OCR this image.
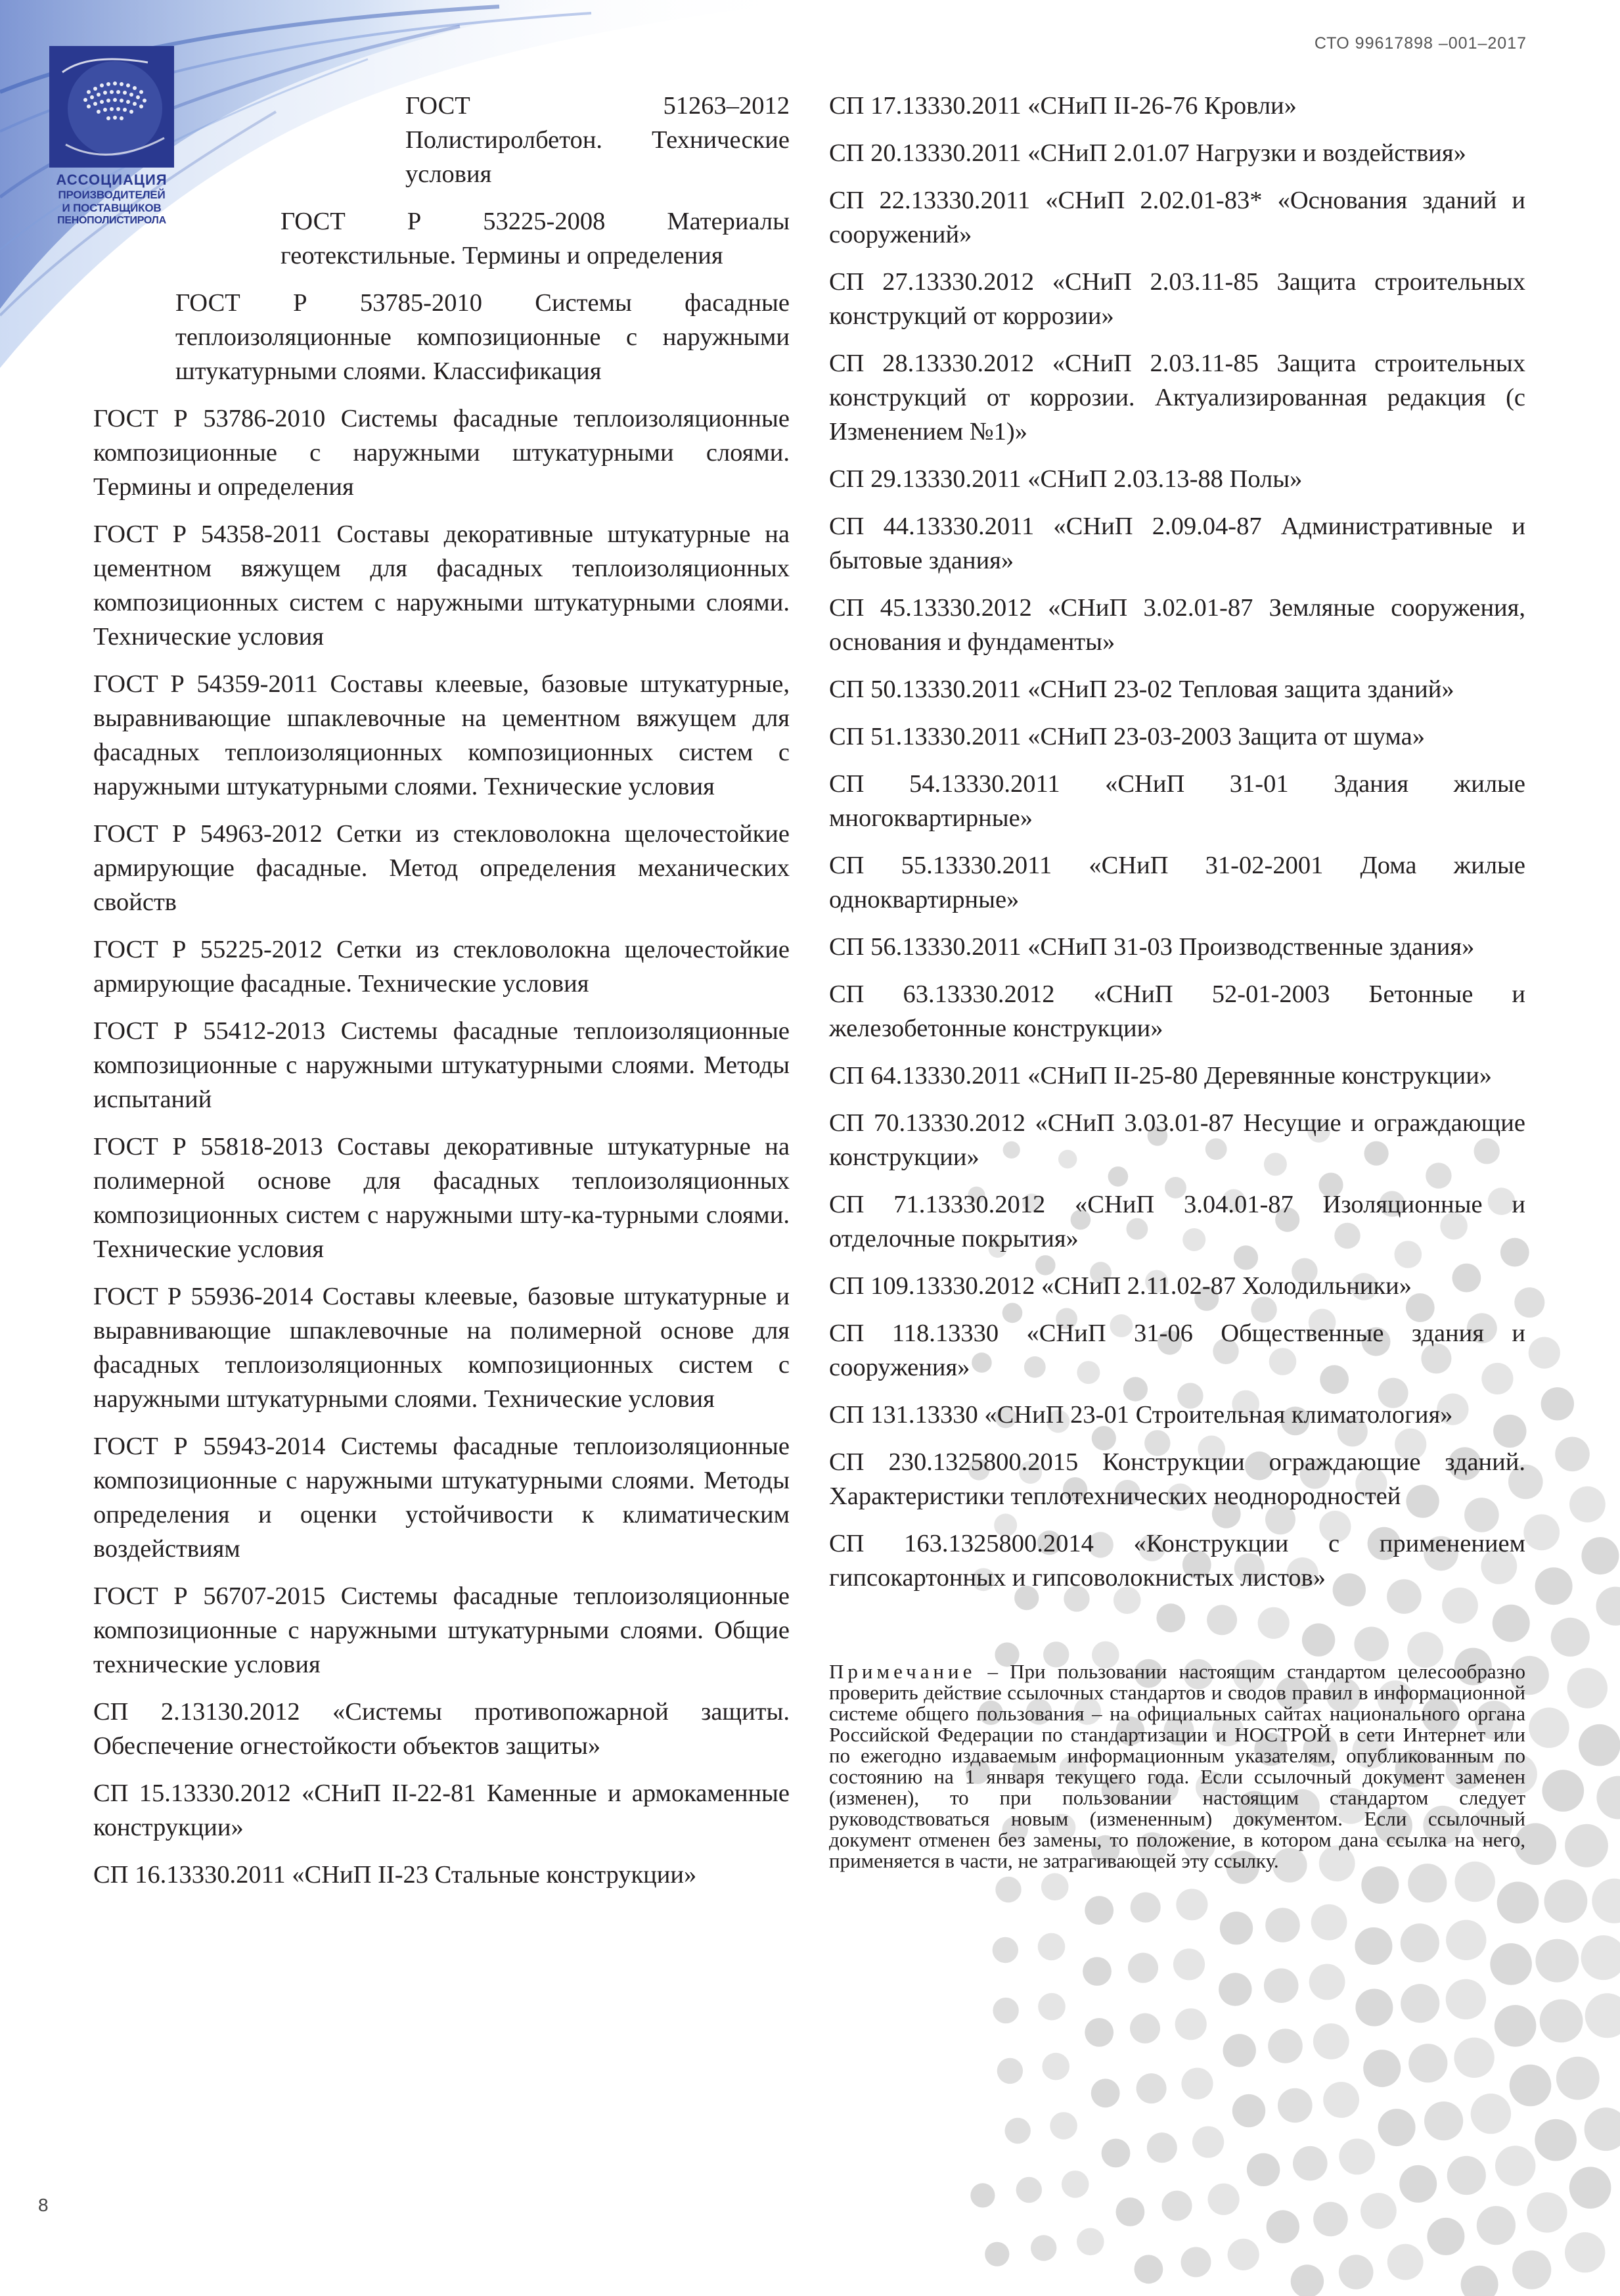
АССОЦИАЦИЯ
ПРОИЗВОДИТЕЛЕЙ
И ПОСТАВЩИКОВ
ПЕНОПОЛИСТИРОЛА
СТО 99617898 –001–2017

ГОСТ 51263–2012 Полистиролбетон. Технические условия

ГОСТ Р 53225-2008 Материалы геотекстильные. Термины и определения

ГОСТ Р 53785-2010 Системы фасадные теплоизоляционные композиционные с наружными штукатурными слоями. Классификация

ГОСТ Р 53786-2010 Системы фасадные теплоизоляционные композиционные с наружными штукатурными слоями. Термины и определения

ГОСТ Р 54358-2011 Составы декоративные штукатурные на цементном вяжущем для фасадных теплоизоляционных композиционных систем с наружными штукатурными слоями. Технические условия

ГОСТ Р 54359-2011 Составы клеевые, базовые штукатурные, выравнивающие шпаклевочные на цементном вяжущем для фасадных теплоизоляционных композиционных систем с наружными штукатурными слоями. Технические условия

ГОСТ Р 54963-2012 Сетки из стекловолокна щелочестойкие армирующие фасадные. Метод определения механических свойств

ГОСТ Р 55225-2012 Сетки из стекловолокна щелочестойкие армирующие фасадные. Технические условия

ГОСТ Р 55412-2013 Системы фасадные теплоизоляционные композиционные с наружными штукатурными слоями. Методы испытаний

ГОСТ Р 55818-2013 Составы декоративные штукатурные на полимерной основе для фасадных теплоизоляционных композиционных систем с наружными шту-ка-турными слоями. Технические условия

ГОСТ Р 55936-2014 Составы клеевые, базовые штукатурные и выравнивающие шпаклевочные на полимерной основе для фасадных теплоизоляционных композиционных систем с наружными штукатурными слоями. Технические условия

ГОСТ Р 55943-2014 Системы фасадные теплоизоляционные композиционные с наружными штукатурными слоями. Методы определения и оценки устойчивости к климатическим воздействиям

ГОСТ Р 56707-2015 Системы фасадные теплоизоляционные композиционные с наружными штукатурными слоями. Общие технические условия

СП 2.13130.2012 «Системы противопожарной защиты. Обеспечение огнестойкости объектов защиты»

СП 15.13330.2012 «СНиП II-22-81 Каменные и армокаменные конструкции»

СП 16.13330.2011 «СНиП II-23 Стальные конструкции»

СП 17.13330.2011 «СНиП II-26-76 Кровли»

СП 20.13330.2011 «СНиП 2.01.07 Нагрузки и воздействия»

СП 22.13330.2011 «СНиП 2.02.01-83* «Основания зданий и сооружений»

СП 27.13330.2012 «СНиП 2.03.11-85 Защита строительных конструкций от коррозии»

СП 28.13330.2012 «СНиП 2.03.11-85 Защита строительных конструкций от коррозии. Актуализированная редакция (с Изменением №1)»

СП 29.13330.2011 «СНиП 2.03.13-88 Полы»

СП 44.13330.2011 «СНиП 2.09.04-87 Административные и бытовые здания»

СП 45.13330.2012 «СНиП 3.02.01-87 Земляные сооружения, основания и фундаменты»

СП 50.13330.2011 «СНиП 23-02 Тепловая защита зданий»

СП 51.13330.2011 «СНиП 23-03-2003 Защита от шума»

СП 54.13330.2011 «СНиП 31-01 Здания жилые многоквартирные»

СП 55.13330.2011 «СНиП 31-02-2001 Дома жилые одноквартирные»

СП 56.13330.2011 «СНиП 31-03 Производственные здания»

СП 63.13330.2012 «СНиП 52-01-2003 Бетонные и железобетонные конструкции»

СП 64.13330.2011 «СНиП II-25-80 Деревянные конструкции»

СП 70.13330.2012 «СНиП 3.03.01-87 Несущие и ограждающие конструкции»

СП 71.13330.2012 «СНиП 3.04.01-87 Изоляционные и отделочные покрытия»

СП 109.13330.2012 «СНиП 2.11.02-87 Холодильники»

СП 118.13330 «СНиП 31-06 Общественные здания и сооружения»

СП 131.13330 «СНиП 23-01 Строительная климатология»

СП 230.1325800.2015 Конструкции ограждающие зданий. Характеристики теплотехнических неоднородностей

СП 163.1325800.2014 «Конструкции с применением гипсокартонных и гипсоволокнистых листов»

Примечание – При пользовании настоящим стандартом целесообразно проверить действие ссылочных стандартов и сводов правил в информационной системе общего пользования – на официальных сайтах национального органа Российской Федерации по стандартизации и НОСТРОЙ в сети Интернет или по ежегодно издаваемым информационным указателям, опубликованным по состоянию на 1 января текущего года. Если ссылочный документ заменен (изменен), то при пользовании настоящим стандартом следует руководствоваться новым (измененным) документом. Если ссылочный документ отменен без замены, то положение, в котором дана ссылка на него, применяется в части, не затрагивающей эту ссылку.
8
